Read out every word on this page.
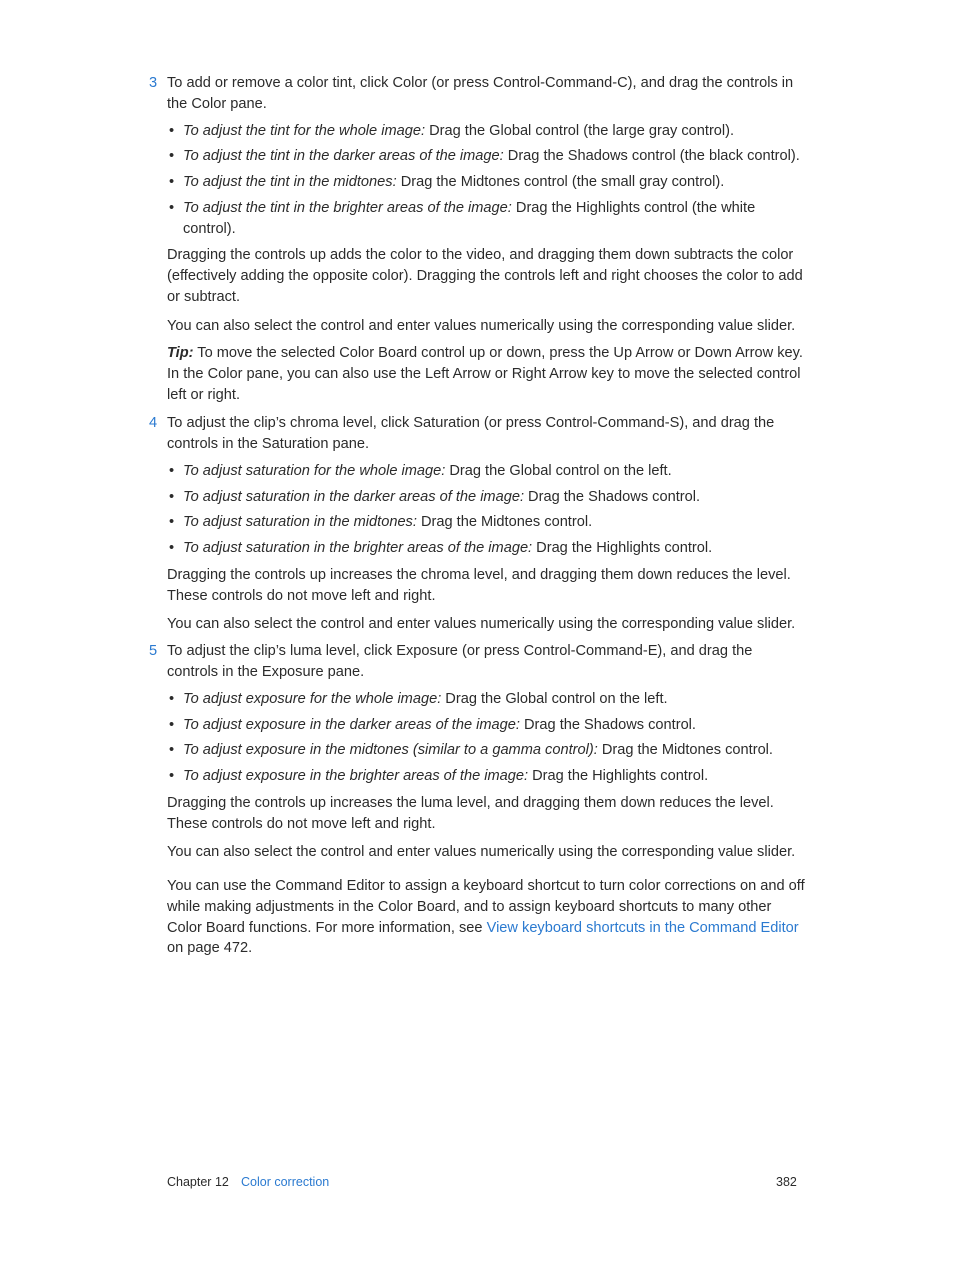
3 To add or remove a color tint, click Color (or press Control-Command-C), and drag the controls in the Color pane.
• To adjust the tint for the whole image: Drag the Global control (the large gray control).
• To adjust the tint in the darker areas of the image: Drag the Shadows control (the black control).
• To adjust the tint in the midtones: Drag the Midtones control (the small gray control).
• To adjust the tint in the brighter areas of the image: Drag the Highlights control (the white control).
Dragging the controls up adds the color to the video, and dragging them down subtracts the color (effectively adding the opposite color). Dragging the controls left and right chooses the color to add or subtract.
You can also select the control and enter values numerically using the corresponding value slider.
Tip: To move the selected Color Board control up or down, press the Up Arrow or Down Arrow key. In the Color pane, you can also use the Left Arrow or Right Arrow key to move the selected control left or right.
4 To adjust the clip’s chroma level, click Saturation (or press Control-Command-S), and drag the controls in the Saturation pane.
• To adjust saturation for the whole image: Drag the Global control on the left.
• To adjust saturation in the darker areas of the image: Drag the Shadows control.
• To adjust saturation in the midtones: Drag the Midtones control.
• To adjust saturation in the brighter areas of the image: Drag the Highlights control.
Dragging the controls up increases the chroma level, and dragging them down reduces the level. These controls do not move left and right.
You can also select the control and enter values numerically using the corresponding value slider.
5 To adjust the clip’s luma level, click Exposure (or press Control-Command-E), and drag the controls in the Exposure pane.
• To adjust exposure for the whole image: Drag the Global control on the left.
• To adjust exposure in the darker areas of the image: Drag the Shadows control.
• To adjust exposure in the midtones (similar to a gamma control): Drag the Midtones control.
• To adjust exposure in the brighter areas of the image: Drag the Highlights control.
Dragging the controls up increases the luma level, and dragging them down reduces the level. These controls do not move left and right.
You can also select the control and enter values numerically using the corresponding value slider.
You can use the Command Editor to assign a keyboard shortcut to turn color corrections on and off while making adjustments in the Color Board, and to assign keyboard shortcuts to many other Color Board functions. For more information, see View keyboard shortcuts in the Command Editor on page 472.
Chapter 12 Color correction	382
